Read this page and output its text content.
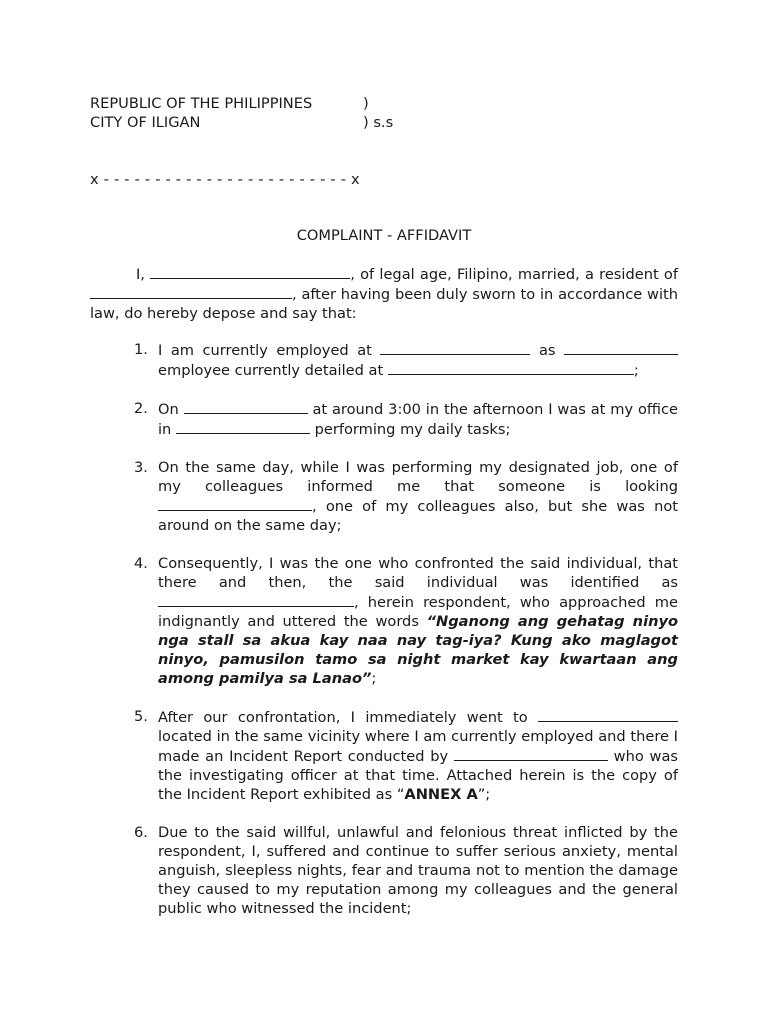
REPUBLIC OF THE PHILIPPINES	)
CITY OF ILIGAN	) s.s
x - - - - - - - - - - - - - - - - - - - - - - - - x
COMPLAINT - AFFIDAVIT
I,	, of legal age, Filipino, married, a resident of , after having been duly sworn to in accordance with law, do hereby depose and say that:
1. I am currently employed at	as  employee currently detailed at	;
2. On	at around 3:00 in the afternoon I was at my office in	performing my daily tasks;
3. On the same day, while I was performing my designated job, one of my colleagues informed me that someone is looking , one of my colleagues also, but she was not around on the same day;
4. Consequently, I was the one who confronted the said individual, that there and then, the said individual was identified as , herein respondent, who approached me indignantly and uttered the words “Nganong ang gehatag ninyo nga stall sa akua kay naa nay tag-iya? Kung ako maglagot ninyo, pamusilon tamo sa night market kay kwartaan ang among pamilya sa Lanao”;
5. After our confrontation, I immediately went to  located in the same vicinity where I am currently employed and there I made an Incident Report conducted by	who was the investigating officer at that time. Attached herein is the copy of the Incident Report exhibited as “ANNEX A”;
6. Due to the said willful, unlawful and felonious threat inflicted by the respondent, I, suffered and continue to suffer serious anxiety, mental anguish, sleepless nights, fear and trauma not to mention the damage they caused to my reputation among my colleagues and the general public who witnessed the incident;
